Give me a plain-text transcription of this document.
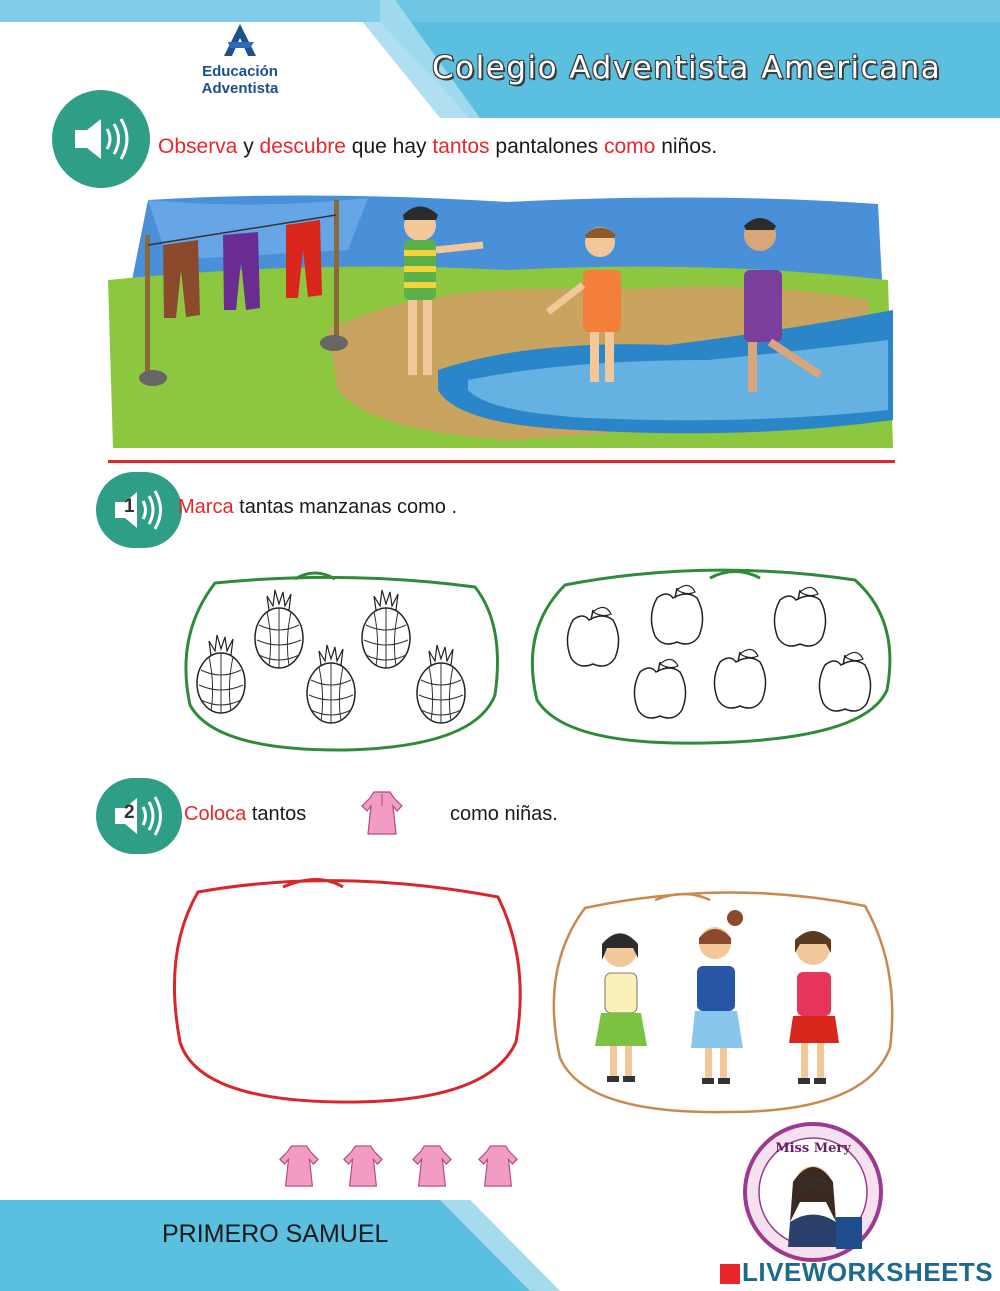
Educación
Adventista
Colegio Adventista Americana
Observa y descubre que hay tantos pantalones como niños.
1 Marca tantas manzanas como .
2 Coloca tantos	como niñas.
PRIMERO SAMUEL
Miss Mery
LIVEWORKSHEETS
